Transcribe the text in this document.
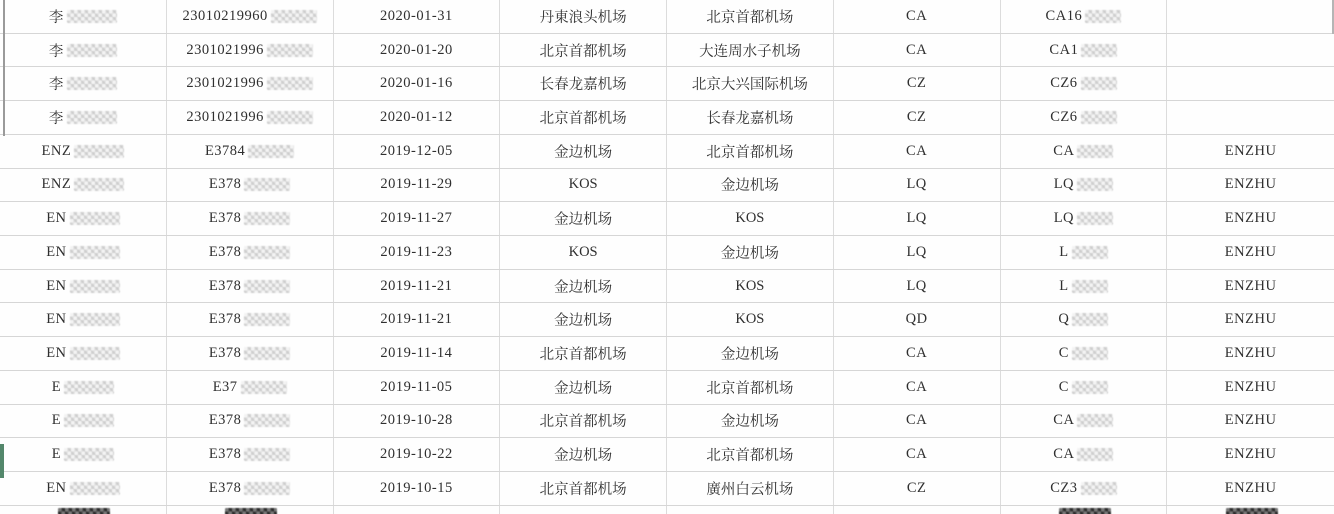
李	23010219960	2020-01-31	丹東浪头机场	北京首都机场	CA	CA16
李	2301021996	2020-01-20	北京首都机场	大连周水子机场	CA	CA1
李	2301021996	2020-01-16	长春龙嘉机场	北京大兴国际机场	CZ	CZ6
李	2301021996	2020-01-12	北京首都机场	长春龙嘉机场	CZ	CZ6
ENZ	E3784	2019-12-05	金边机场	北京首都机场	CA	CA	ENZHU
ENZ	E378	2019-11-29	KOS	金边机场	LQ	LQ	ENZHU
EN	E378	2019-11-27	金边机场	KOS	LQ	LQ	ENZHU
EN	E378	2019-11-23	KOS	金边机场	LQ	L	ENZHU
EN	E378	2019-11-21	金边机场	KOS	LQ	L	ENZHU
EN	E378	2019-11-21	金边机场	KOS	QD	Q	ENZHU
EN	E378	2019-11-14	北京首都机场	金边机场	CA	C	ENZHU
E	E37	2019-11-05	金边机场	北京首都机场	CA	C	ENZHU
E	E378	2019-10-28	北京首都机场	金边机场	CA	CA	ENZHU
E	E378	2019-10-22	金边机场	北京首都机场	CA	CA	ENZHU
EN	E378	2019-10-15	北京首都机场	廣州白云机场	CZ	CZ3	ENZHU
